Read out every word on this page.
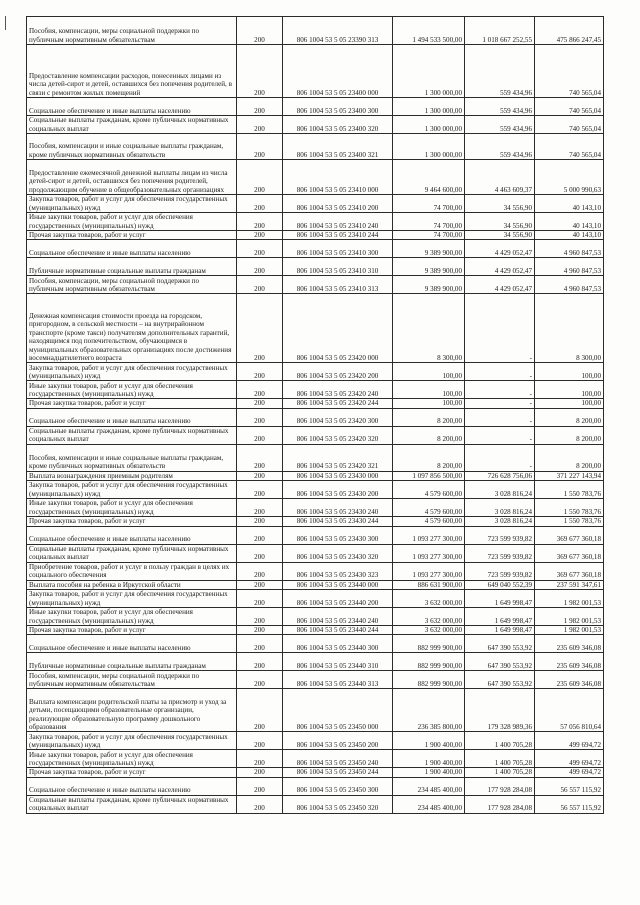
Пособия, компенсации, меры социальной поддержки по публичным нормативным обязательствам	200	806 1004 53 5 05 23390 313	1 494 533 500,00	1 018 667 252,55	475 866 247,45
Предоставление компенсации расходов, понесенных лицами из числа детей-сирот и детей, оставшихся без попечения родителей, в связи с ремонтом жилых помещений	200	806 1004 53 5 05 23400 000	1 300 000,00	559 434,96	740 565,04
Социальное обеспечение и иные выплаты населению	200	806 1004 53 5 05 23400 300	1 300 000,00	559 434,96	740 565,04
Социальные выплаты гражданам, кроме публичных нормативных социальных выплат	200	806 1004 53 5 05 23400 320	1 300 000,00	559 434,96	740 565,04
Пособия, компенсации и иные социальные выплаты гражданам, кроме публичных нормативных обязательств	200	806 1004 53 5 05 23400 321	1 300 000,00	559 434,96	740 565,04
Предоставление ежемесячной денежной выплаты лицам из числа детей-сирот и детей, оставшихся без попечения родителей, продолжающим обучение в общеобразовательных организациях	200	806 1004 53 5 05 23410 000	9 464 600,00	4 463 609,37	5 000 990,63
Закупка товаров, работ и услуг для обеспечения государственных (муниципальных) нужд	200	806 1004 53 5 05 23410 200	74 700,00	34 556,90	40 143,10
Иные закупки товаров, работ и услуг для обеспечения государственных (муниципальных) нужд	200	806 1004 53 5 05 23410 240	74 700,00	34 556,90	40 143,10
Прочая закупка товаров, работ и услуг	200	806 1004 53 5 05 23410 244	74 700,00	34 556,90	40 143,10
Социальное обеспечение и иные выплаты населению	200	806 1004 53 5 05 23410 300	9 389 900,00	4 429 052,47	4 960 847,53
Публичные нормативные социальные выплаты гражданам	200	806 1004 53 5 05 23410 310	9 389 900,00	4 429 052,47	4 960 847,53
Пособия, компенсации, меры социальной поддержки по публичным нормативным обязательствам	200	806 1004 53 5 05 23410 313	9 389 900,00	4 429 052,47	4 960 847,53
Денежная компенсация стоимости проезда на городском, пригородном, в сельской местности – на внутрирайонном транспорте (кроме такси) получателям дополнительных гарантий, находящимся под попечительством, обучающимся в муниципальных образовательных организациях после достижения восемнадцатилетнего возраста	200	806 1004 53 5 05 23420 000	8 300,00	-	8 300,00
Закупка товаров, работ и услуг для обеспечения государственных (муниципальных) нужд	200	806 1004 53 5 05 23420 200	100,00	-	100,00
Иные закупки товаров, работ и услуг для обеспечения государственных (муниципальных) нужд	200	806 1004 53 5 05 23420 240	100,00	-	100,00
Прочая закупка товаров, работ и услуг	200	806 1004 53 5 05 23420 244	100,00	-	100,00
Социальное обеспечение и иные выплаты населению	200	806 1004 53 5 05 23420 300	8 200,00	-	8 200,00
Социальные выплаты гражданам, кроме публичных нормативных социальных выплат	200	806 1004 53 5 05 23420 320	8 200,00	-	8 200,00
Пособия, компенсации и иные социальные выплаты гражданам, кроме публичных нормативных обязательств	200	806 1004 53 5 05 23420 321	8 200,00	-	8 200,00
Выплата вознаграждения приемным родителям	200	806 1004 53 5 05 23430 000	1 097 856 500,00	726 628 756,06	371 227 143,94
Закупка товаров, работ и услуг для обеспечения государственных (муниципальных) нужд	200	806 1004 53 5 05 23430 200	4 579 600,00	3 028 816,24	1 550 783,76
Иные закупки товаров, работ и услуг для обеспечения государственных (муниципальных) нужд	200	806 1004 53 5 05 23430 240	4 579 600,00	3 028 816,24	1 550 783,76
Прочая закупка товаров, работ и услуг	200	806 1004 53 5 05 23430 244	4 579 600,00	3 028 816,24	1 550 783,76
Социальное обеспечение и иные выплаты населению	200	806 1004 53 5 05 23430 300	1 093 277 300,00	723 599 939,82	369 677 360,18
Социальные выплаты гражданам, кроме публичных нормативных социальных выплат	200	806 1004 53 5 05 23430 320	1 093 277 300,00	723 599 939,82	369 677 360,18
Приобретение товаров, работ и услуг в пользу граждан в целях их социального обеспечения	200	806 1004 53 5 05 23430 323	1 093 277 300,00	723 599 939,82	369 677 360,18
Выплата пособия на ребенка в Иркутской области	200	806 1004 53 5 05 23440 000	886 631 900,00	649 040 552,39	237 591 347,61
Закупка товаров, работ и услуг для обеспечения государственных (муниципальных) нужд	200	806 1004 53 5 05 23440 200	3 632 000,00	1 649 998,47	1 982 001,53
Иные закупки товаров, работ и услуг для обеспечения государственных (муниципальных) нужд	200	806 1004 53 5 05 23440 240	3 632 000,00	1 649 998,47	1 982 001,53
Прочая закупка товаров, работ и услуг	200	806 1004 53 5 05 23440 244	3 632 000,00	1 649 998,47	1 982 001,53
Социальное обеспечение и иные выплаты населению	200	806 1004 53 5 05 23440 300	882 999 900,00	647 390 553,92	235 609 346,08
Публичные нормативные социальные выплаты гражданам	200	806 1004 53 5 05 23440 310	882 999 900,00	647 390 553,92	235 609 346,08
Пособия, компенсации, меры социальной поддержки по публичным нормативным обязательствам	200	806 1004 53 5 05 23440 313	882 999 900,00	647 390 553,92	235 609 346,08
Выплата компенсации родительской платы за присмотр и уход за детьми, посещающими образовательные организации, реализующие образовательную программу дошкольного образования	200	806 1004 53 5 05 23450 000	236 385 800,00	179 328 989,36	57 056 810,64
Закупка товаров, работ и услуг для обеспечения государственных (муниципальных) нужд	200	806 1004 53 5 05 23450 200	1 900 400,00	1 400 705,28	499 694,72
Иные закупки товаров, работ и услуг для обеспечения государственных (муниципальных) нужд	200	806 1004 53 5 05 23450 240	1 900 400,00	1 400 705,28	499 694,72
Прочая закупка товаров, работ и услуг	200	806 1004 53 5 05 23450 244	1 900 400,00	1 400 705,28	499 694,72
Социальное обеспечение и иные выплаты населению	200	806 1004 53 5 05 23450 300	234 485 400,00	177 928 284,08	56 557 115,92
Социальные выплаты гражданам, кроме публичных нормативных социальных выплат	200	806 1004 53 5 05 23450 320	234 485 400,00	177 928 284,08	56 557 115,92
